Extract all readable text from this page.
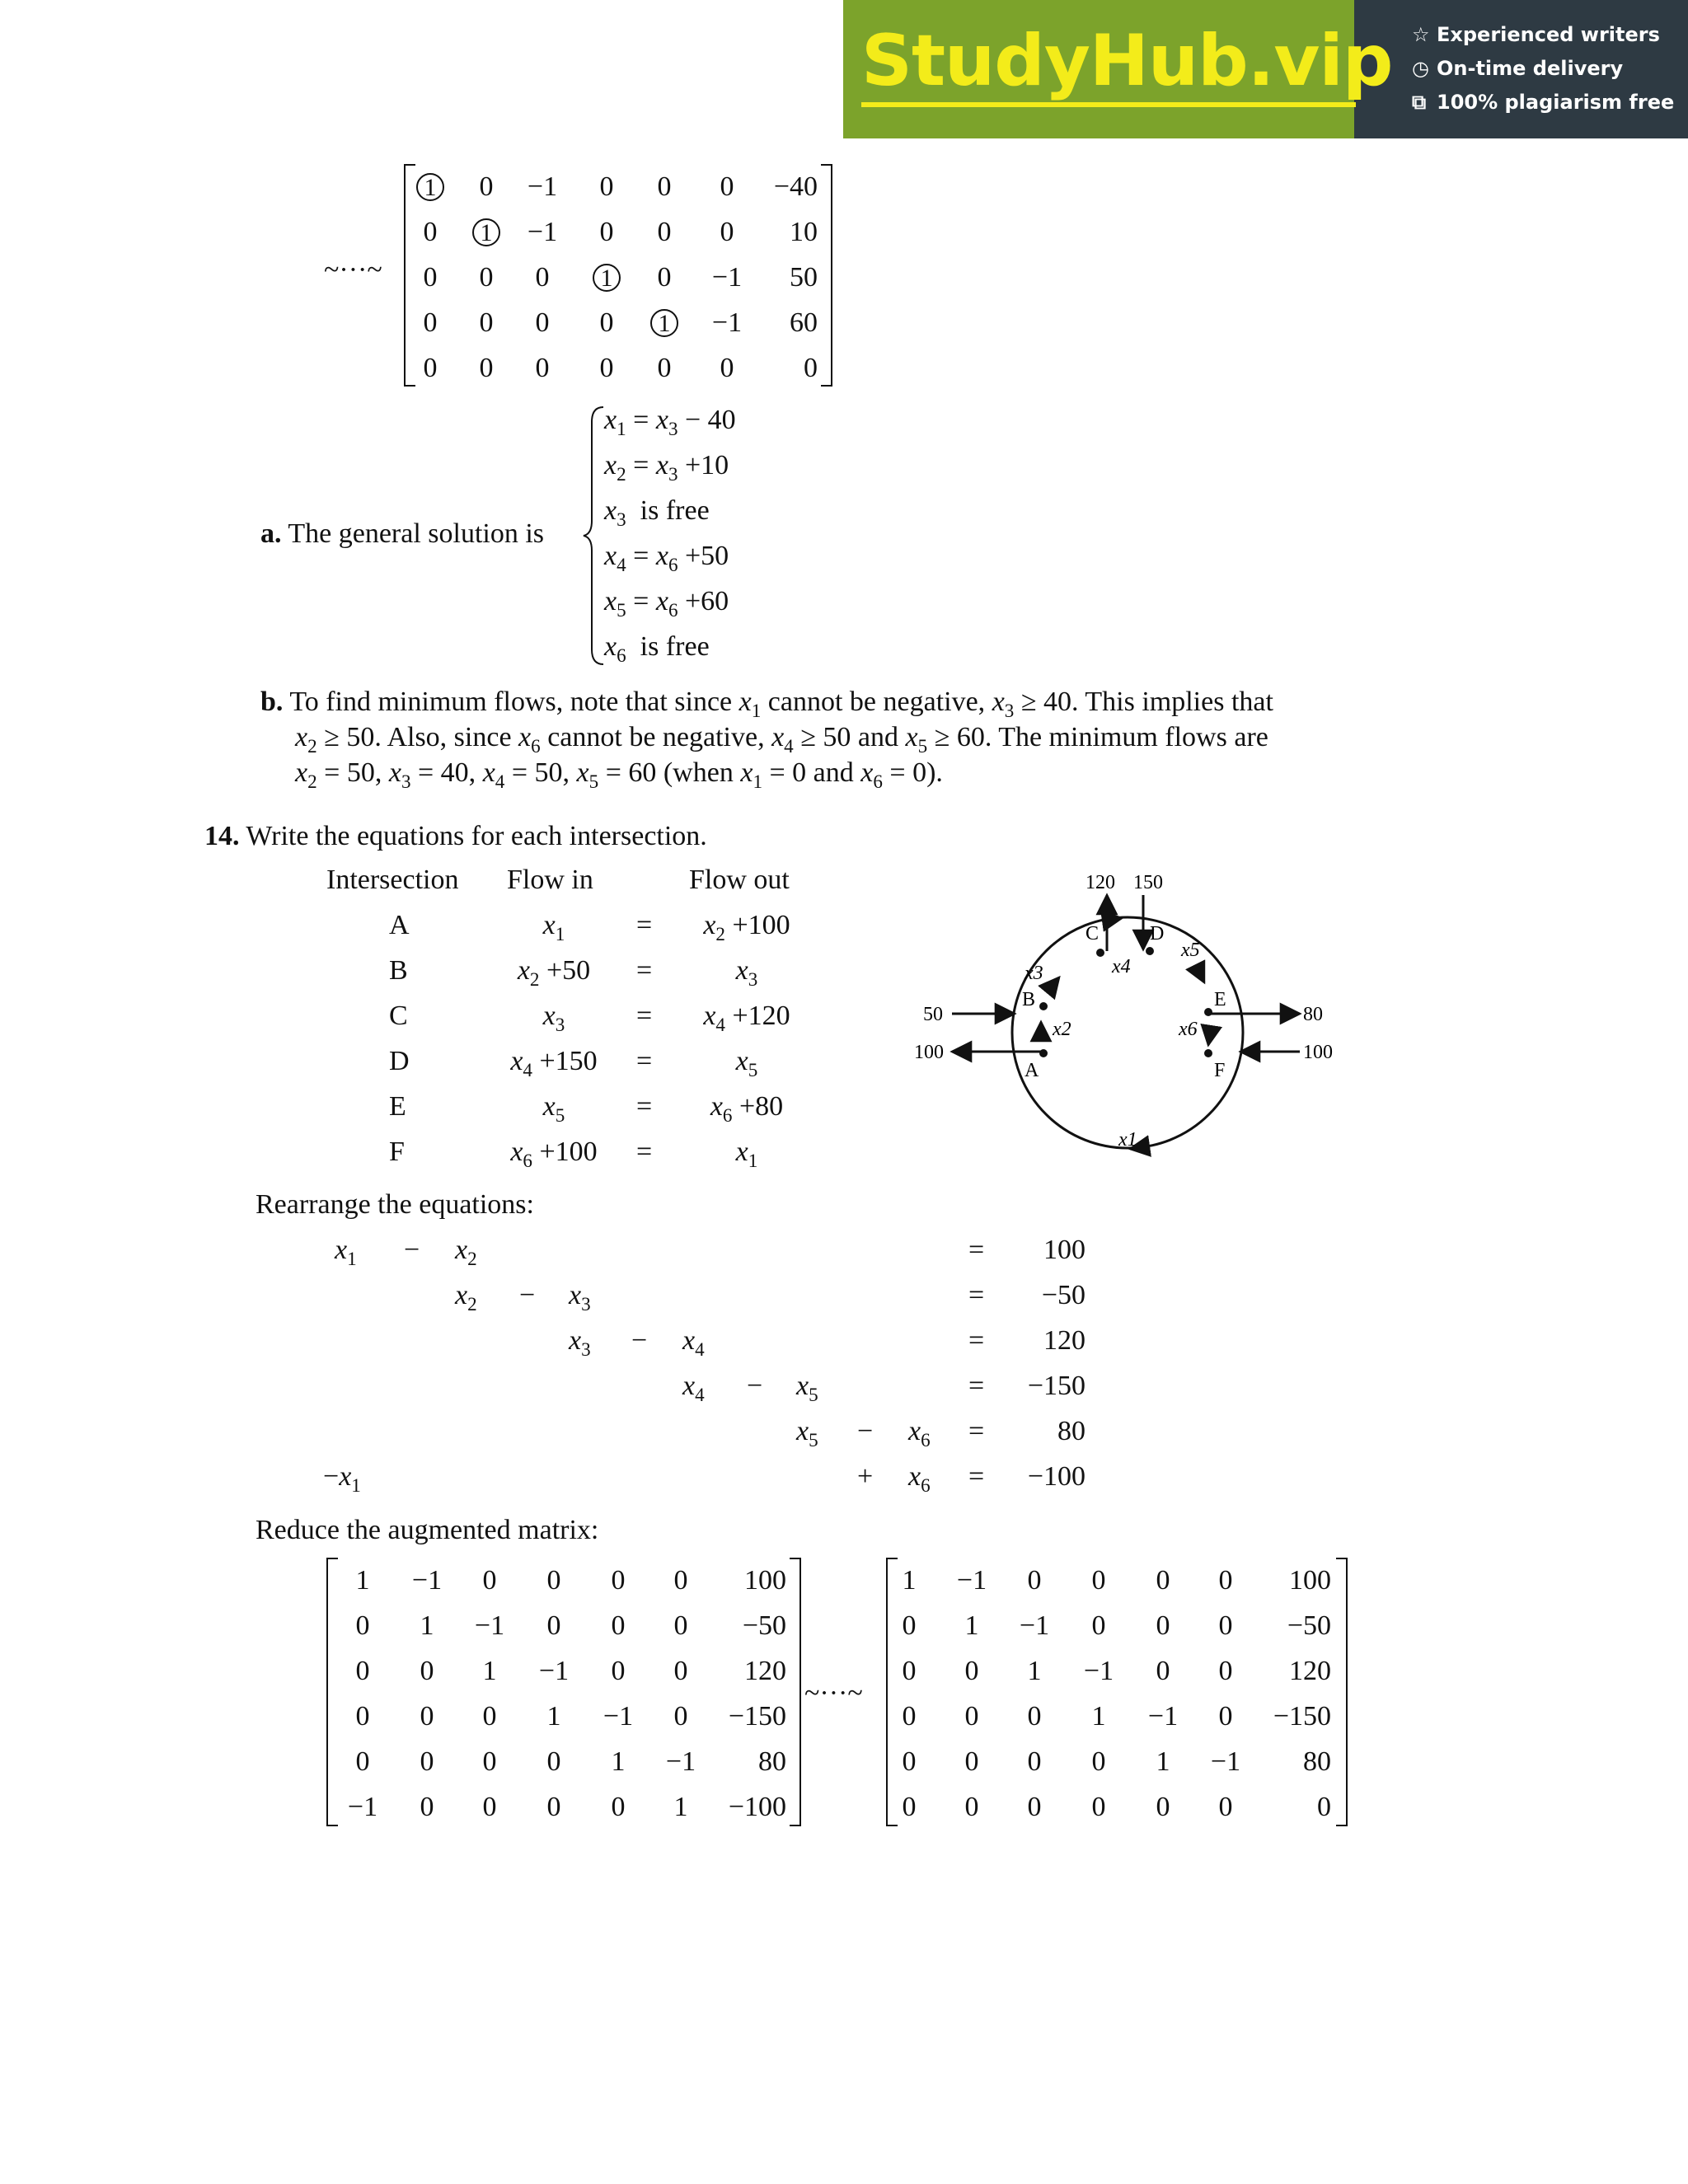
StudyHub.vip ☆ Experienced writers
◷ On-time delivery
⧉ 100% plagiarism free
~···~
1	0	−1	0	0	0	−40
0	1	−1	0	0	0	10
0	0	0	1	0	−1	50
0	0	0	0	1	−1	60
0	0	0	0	0	0	0
a. The general solution is
$x_1 = x_3 - 40$
$x_2 = x_3 +10$
$x_3$  is free
$x_4 = x_6 +50$
$x_5 = x_6 +60$
$x_6$  is free
b. To find minimum flows, note that since $x_1$ cannot be negative, $x_3 \ge 40$. This implies that
$x_2 \ge 50$. Also, since $x_6$ cannot be negative, $x_4 \ge 50$ and $x_5 \ge 60$. The minimum flows are
$x_2 = 50$, $x_3 = 40$, $x_4 = 50$, $x_5 = 60$ (when $x_1 = 0$ and $x_6 = 0$).
14. Write the equations for each intersection.
Intersection Flow in	Flow out
A	$x_1$	=	$x_2 +100$
B	$x_2 +50$	=	$x_3$
C	$x_3$	=	$x_4 +120$
D	$x_4 +150$	=	$x_5$
E	$x_5$	=	$x_6 +80$
F	$x_6 +100$	=	$x_1$
A
B
C	D
E
F
120 150
50
100
80
100
x1
x2
x3	x4
x5
x6
Rearrange the equations:
$x_1 - x_2$	=	100
$x_2 - x_3$	=	−50
$x_3 - x_4$	=	120
$x_4 - x_5$	=	−150
$x_5 - x_6$ =	80
$-x_1$	+ $x_6$ =	−100
Reduce the augmented matrix:
1	−1	0	0	0	0	100
0	1	−1	0	0	0	−50
0	0	1	−1	0	0	120
0	0	0	1	−1	0	−150
0	0	0	0	1	−1	80
−1	0	0	0	0	1	−100
~···~
1	−1	0	0	0	0	100
0	1	−1	0	0	0	−50
0	0	1	−1	0	0	120
0	0	0	1	−1	0	−150
0	0	0	0	1	−1	80
0	0	0	0	0	0	0
